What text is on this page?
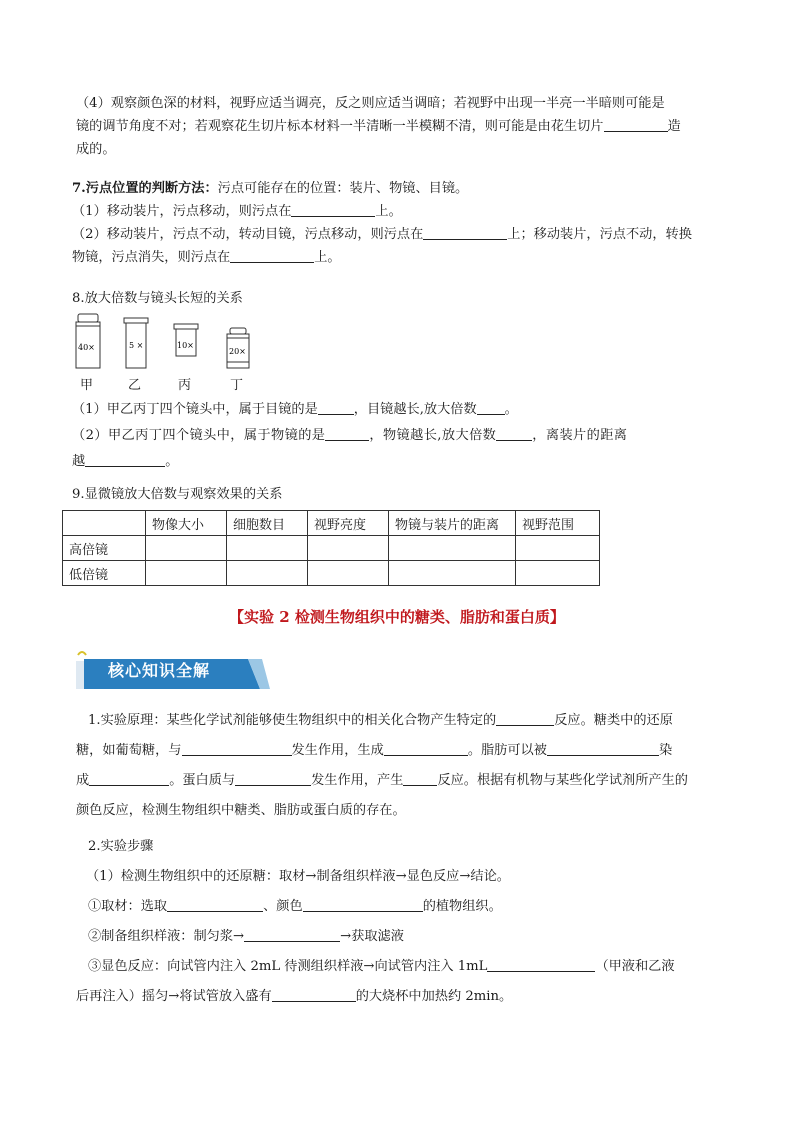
（4）观察颜色深的材料，视野应适当调亮，反之则应适当调暗；若视野中出现一半亮一半暗则可能是
镜的调节角度不对；若观察花生切片标本材料一半清晰一半模糊不清，则可能是由花生切片	造
成的。
7.污点位置的判断方法：污点可能存在的位置：装片、物镜、目镜。
（1）移动装片，污点移动，则污点在	上。
（2）移动装片，污点不动，转动目镜，污点移动，则污点在	上；移动装片，污点不动，转换
物镜，污点消失，则污点在	上。
8.放大倍数与镜头长短的关系
40×	5 ×	10×
20×
甲	乙	丙	丁
（1）甲乙丙丁四个镜头中，属于目镜的是	，目镜越长,放大倍数 。
（2）甲乙丙丁四个镜头中，属于物镜的是	，物镜越长,放大倍数	，离装片的距离
越	。
9.显微镜放大倍数与观察效果的关系
	物像大小	细胞数目	视野亮度	物镜与装片的距离	视野范围
高倍镜					
低倍镜					
【实验 2 检测生物组织中的糖类、脂肪和蛋白质】
核心知识全解
1.实验原理：某些化学试剂能够使生物组织中的相关化合物产生特定的	反应。糖类中的还原
糖，如葡萄糖，与	发生作用，生成	。脂肪可以被	染
成	。蛋白质与	发生作用，产生	反应。根据有机物与某些化学试剂所产生的
颜色反应，检测生物组织中糖类、脂肪或蛋白质的存在。
2.实验步骤
（1）检测生物组织中的还原糖：取材→制备组织样液→显色反应→结论。
①取材：选取	、颜色	的植物组织。
②制备组织样液：制匀浆→	→获取滤液
③显色反应：向试管内注入 2mL 待测组织样液→向试管内注入 1mL	（甲液和乙液
后再注入）摇匀→将试管放入盛有	的大烧杯中加热约 2min。
